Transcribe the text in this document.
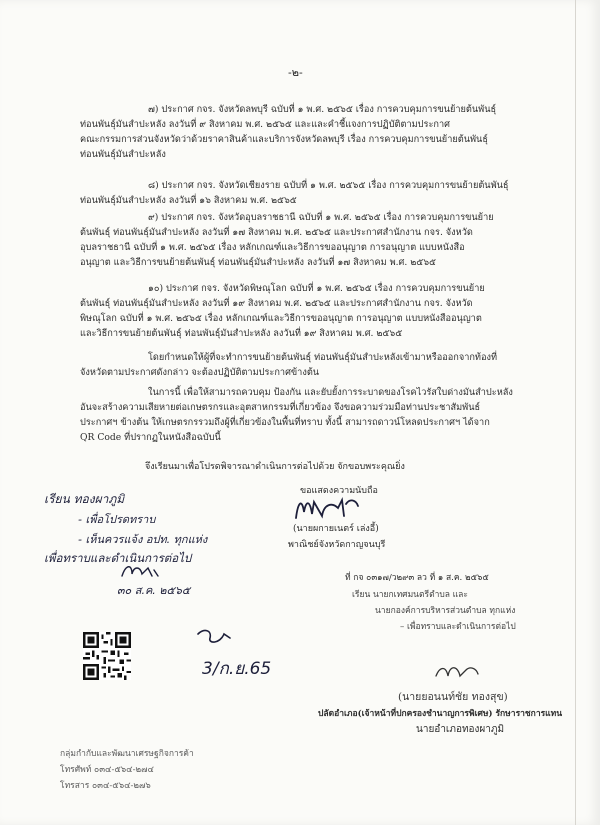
-๒-
๗) ประกาศ กจร. จังหวัดลพบุรี ฉบับที่ ๑ พ.ศ. ๒๕๖๕ เรื่อง การควบคุมการขนย้ายต้นพันธุ์
ท่อนพันธุ์มันสำปะหลัง ลงวันที่ ๙ สิงหาคม พ.ศ. ๒๕๖๕ และและคำชี้แจงการปฏิบัติตามประกาศ
คณะกรรมการส่วนจังหวัดว่าด้วยราคาสินค้าและบริการจังหวัดลพบุรี เรื่อง การควบคุมการขนย้ายต้นพันธุ์
ท่อนพันธุ์มันสำปะหลัง
๘) ประกาศ กจร. จังหวัดเชียงราย ฉบับที่ ๑ พ.ศ. ๒๕๖๕ เรื่อง การควบคุมการขนย้ายต้นพันธุ์
ท่อนพันธุ์มันสำปะหลัง ลงวันที่ ๑๖ สิงหาคม พ.ศ. ๒๕๖๕
๙) ประกาศ กจร. จังหวัดอุบลราชธานี ฉบับที่ ๑ พ.ศ. ๒๕๖๕ เรื่อง การควบคุมการขนย้าย
ต้นพันธุ์ ท่อนพันธุ์มันสำปะหลัง ลงวันที่ ๑๗ สิงหาคม พ.ศ. ๒๕๖๕ และประกาศสำนักงาน กจร. จังหวัด
อุบลราชธานี ฉบับที่ ๑ พ.ศ. ๒๕๖๕ เรื่อง หลักเกณฑ์และวิธีการขออนุญาต การอนุญาต แบบหนังสือ
อนุญาต และวิธีการขนย้ายต้นพันธุ์ ท่อนพันธุ์มันสำปะหลัง ลงวันที่ ๑๗ สิงหาคม พ.ศ. ๒๕๖๕
๑๐) ประกาศ กจร. จังหวัดพิษณุโลก ฉบับที่ ๑ พ.ศ. ๒๕๖๕ เรื่อง การควบคุมการขนย้าย
ต้นพันธุ์ ท่อนพันธุ์มันสำปะหลัง ลงวันที่ ๑๙ สิงหาคม พ.ศ. ๒๕๖๕ และประกาศสำนักงาน กจร. จังหวัด
พิษณุโลก ฉบับที่ ๑ พ.ศ. ๒๕๖๕ เรื่อง หลักเกณฑ์และวิธีการขออนุญาต การอนุญาต แบบหนังสืออนุญาต
และวิธีการขนย้ายต้นพันธุ์ ท่อนพันธุ์มันสำปะหลัง ลงวันที่ ๑๙ สิงหาคม พ.ศ. ๒๕๖๕
โดยกำหนดให้ผู้ที่จะทำการขนย้ายต้นพันธุ์ ท่อนพันธุ์มันสำปะหลังเข้ามาหรือออกจากท้องที่
จังหวัดตามประกาศดังกล่าว จะต้องปฏิบัติตามประกาศข้างต้น
ในการนี้ เพื่อให้สามารถควบคุม ป้องกัน และยับยั้งการระบาดของโรคไวรัสใบด่างมันสำปะหลัง
อันจะสร้างความเสียหายต่อเกษตรกรและอุตสาหกรรมที่เกี่ยวข้อง จึงขอความร่วมมือท่านประชาสัมพันธ์
ประกาศฯ ข้างต้น ให้เกษตรกรรวมถึงผู้ที่เกี่ยวข้องในพื้นที่ทราบ ทั้งนี้ สามารถดาวน์โหลดประกาศฯ ได้จาก
QR Code ที่ปรากฏในหนังสือฉบับนี้
จึงเรียนมาเพื่อโปรดพิจารณาดำเนินการต่อไปด้วย จักขอบพระคุณยิ่ง
ขอแสดงความนับถือ
(นายผกายเนตร์ เล่งอี้)
พาณิชย์จังหวัดกาญจนบุรี
ที่ กจ ๐๓๑๗/ว๒๙๓ ลว ที่ ๑ ส.ค. ๒๕๖๕
เรียน นายกเทศมนตรีตำบล และ
นายกองค์การบริหารส่วนตำบล ทุกแห่ง
– เพื่อทราบและดำเนินการต่อไป
เรียน ทองผาภูมิ
- เพื่อโปรดทราบ
- เห็นควรแจ้ง อปท. ทุกแห่ง
เพื่อทราบและดำเนินการต่อไป
๓๐ ส.ค. ๒๕๖๕
3/ก.ย.65
(นายยอนนท์ชัย ทองสุข)
ปลัดอำเภอ(เจ้าหน้าที่ปกครองชำนาญการพิเศษ) รักษาราชการแทน
นายอำเภอทองผาภูมิ
กลุ่มกำกับและพัฒนาเศรษฐกิจการค้า
โทรศัพท์ ๐๓๔-๕๖๔-๒๗๔
โทรสาร ๐๓๔-๕๖๔-๒๗๖
